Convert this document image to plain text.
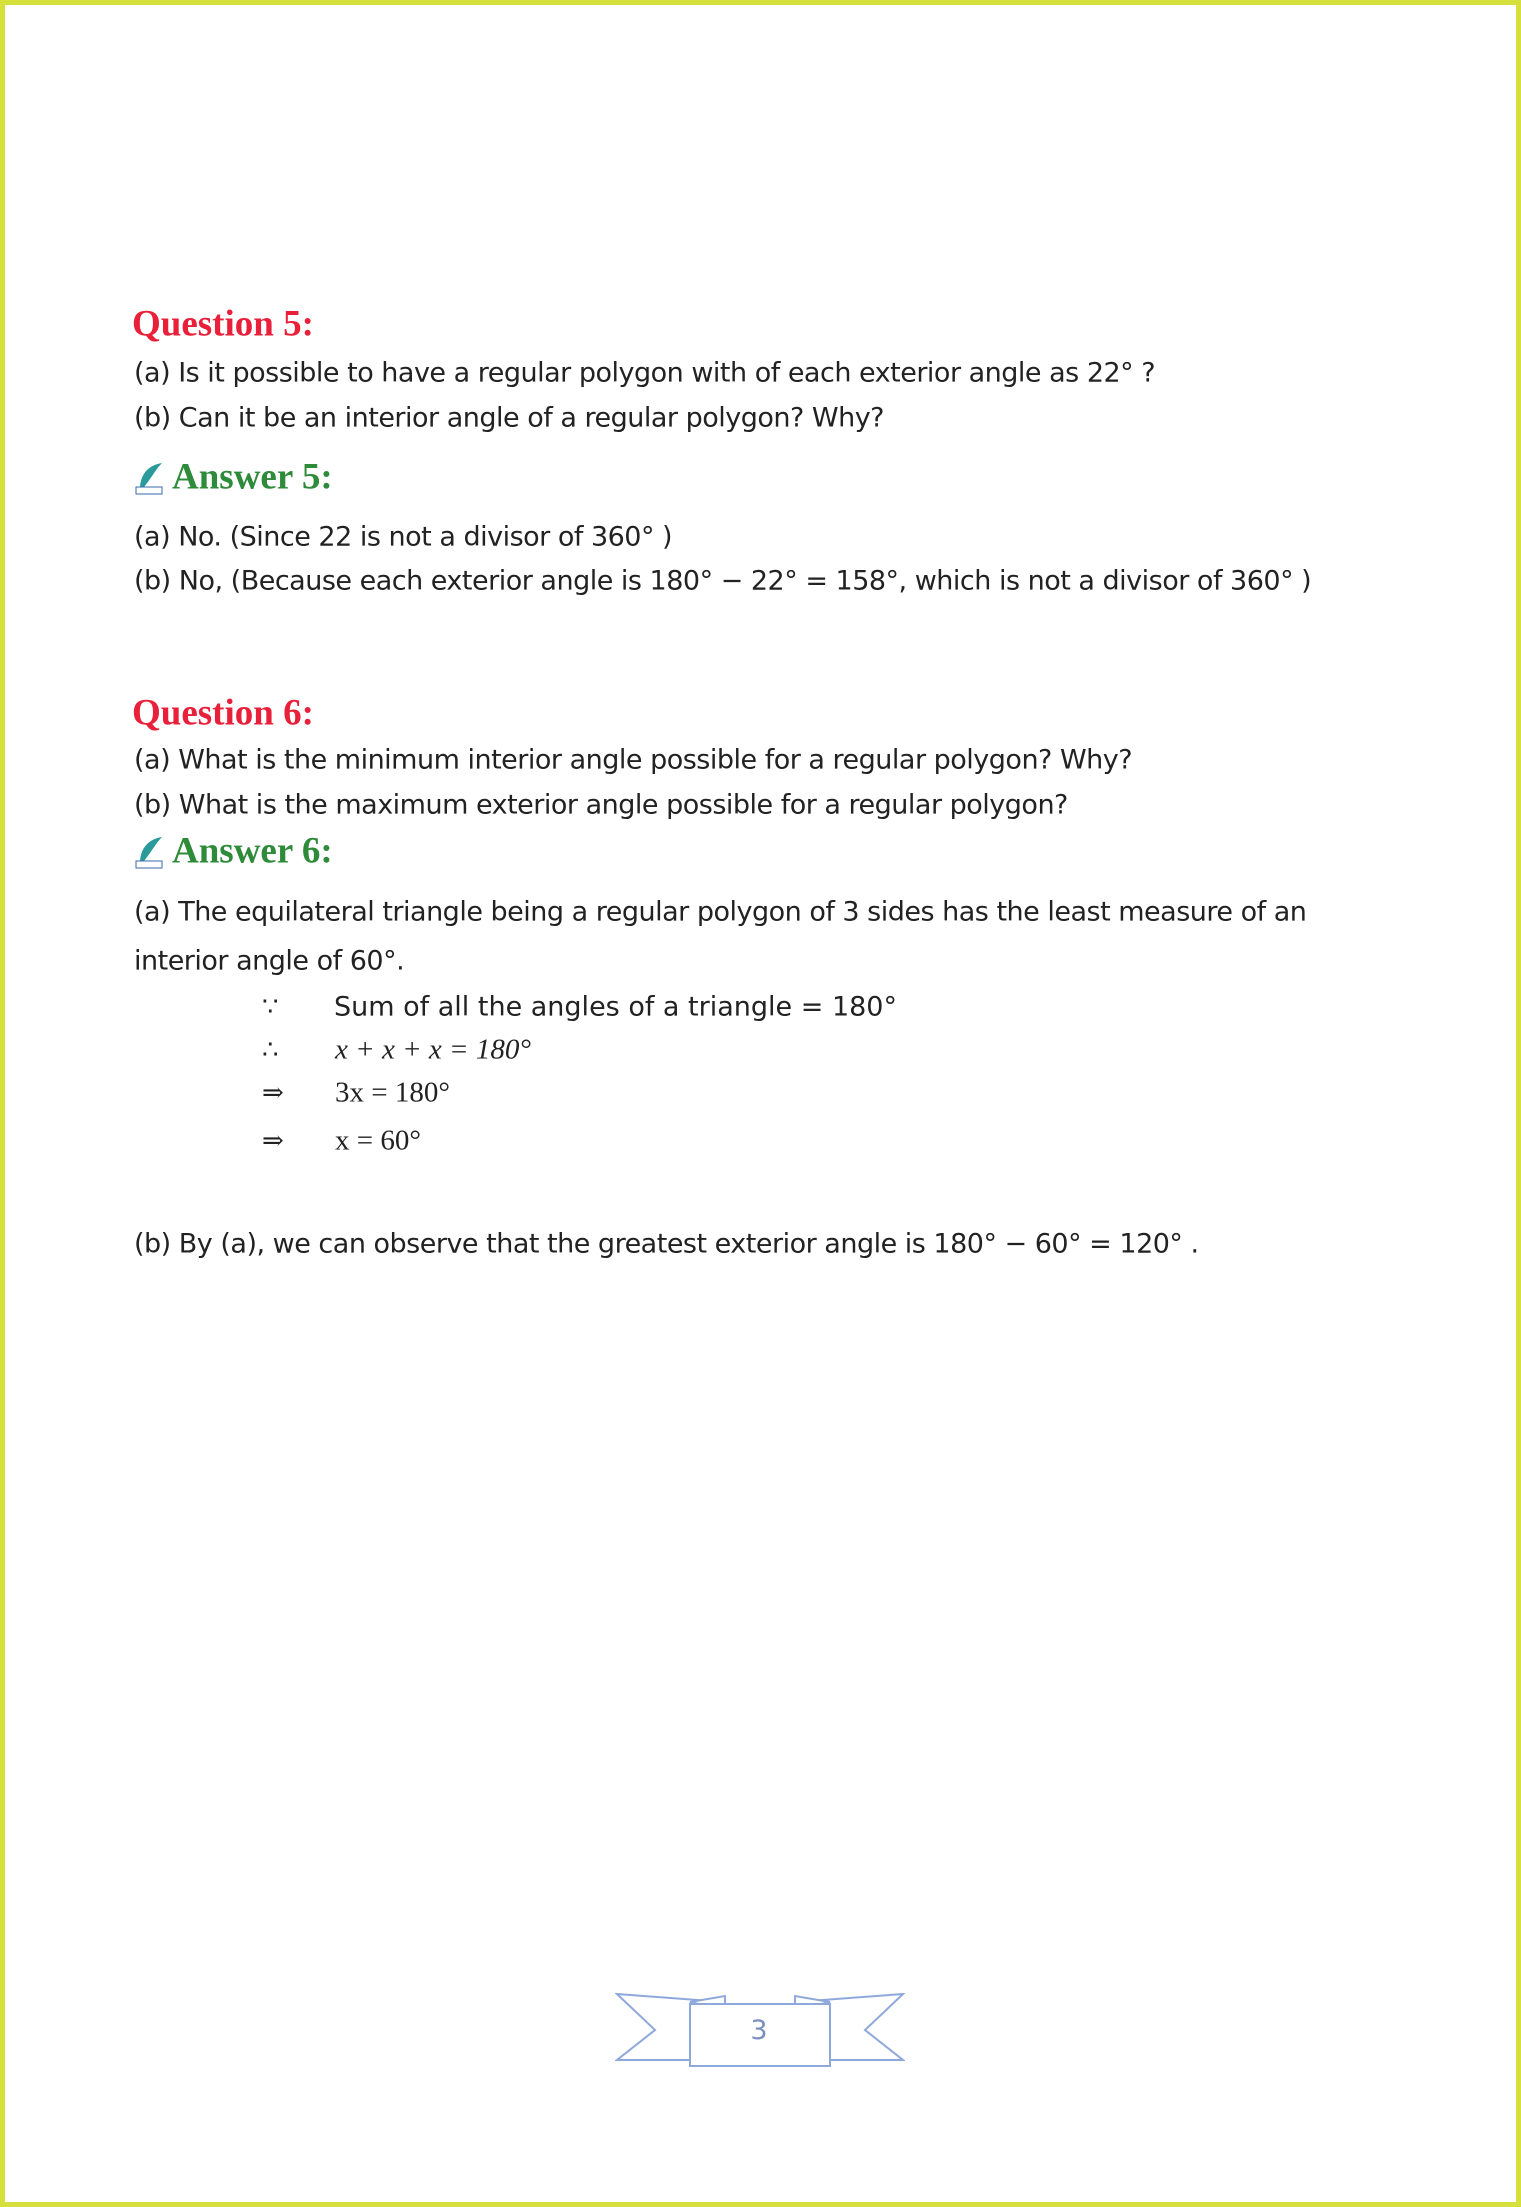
Question 5:
(a) Is it possible to have a regular polygon with of each exterior angle as 22° ?
(b) Can it be an interior angle of a regular polygon? Why?
Answer 5:
(a) No. (Since 22 is not a divisor of 360° )
(b) No, (Because each exterior angle is 180° − 22° = 158°, which is not a divisor of 360° )
Question 6:
(a) What is the minimum interior angle possible for a regular polygon? Why?
(b) What is the maximum exterior angle possible for a regular polygon?
Answer 6:
(a) The equilateral triangle being a regular polygon of 3 sides has the least measure of an
interior angle of 60°.
∵ Sum of all the angles of a triangle = 180°
∴ x + x + x = 180°
⇒ 3x = 180°
⇒ x = 60°
(b) By (a), we can observe that the greatest exterior angle is 180° − 60° = 120° .
3
